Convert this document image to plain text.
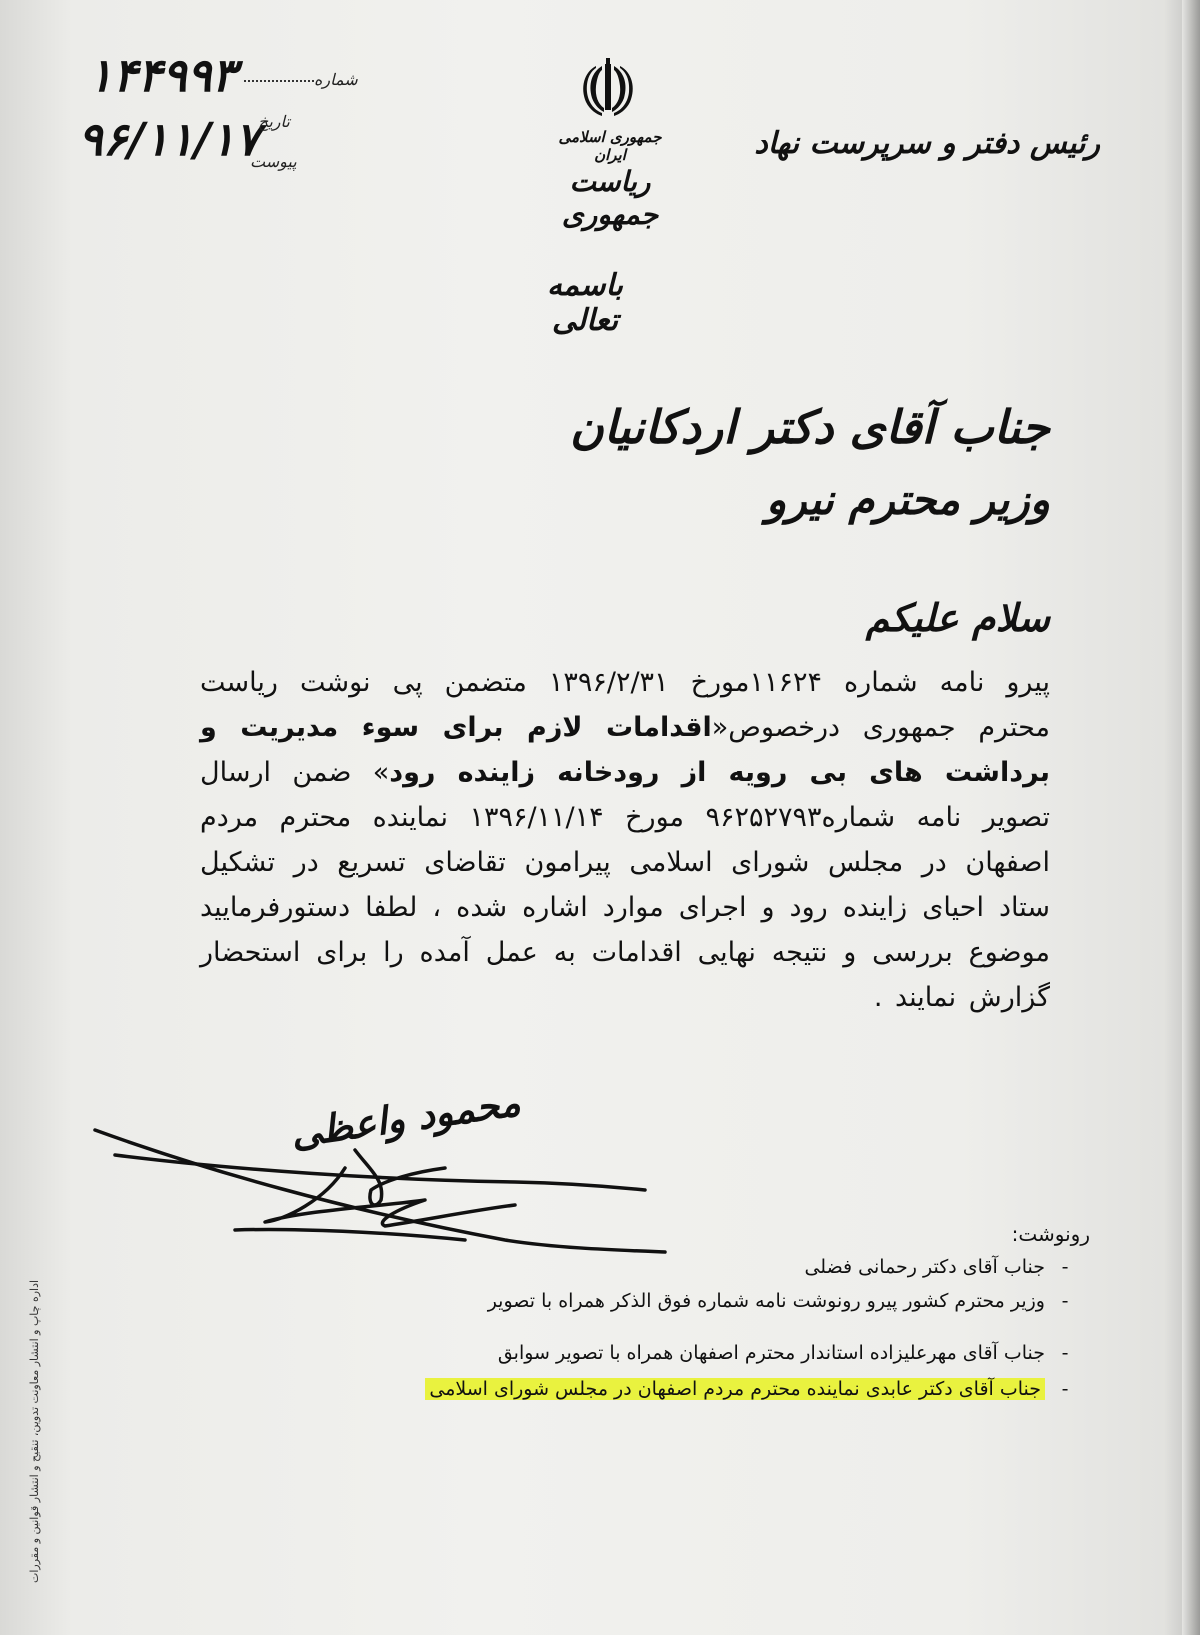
۱۴۴۹۹۳	شماره
۹۶/۱۱/۱۷
تاریخ
پیوست
جمهوری اسلامی ایران
ریاست جمهوری
رئیس دفتر و سرپرست نهاد
باسمه تعالی
جناب آقای دکتر اردکانیان
وزیر محترم نیرو
سلام علیکم
پیرو نامه شماره ۱۱۶۲۴مورخ ۱۳۹۶/۲/۳۱ متضمن پی نوشت ریاست محترم جمهوری درخصوص«اقدامات لازم برای سوء مدیریت و برداشت های بی رویه از رودخانه زاینده رود» ضمن ارسال تصویر نامه شماره۹۶۲۵۲۷۹۳ مورخ ۱۳۹۶/۱۱/۱۴ نماینده محترم مردم اصفهان در مجلس شورای اسلامی پیرامون تقاضای تسریع در تشکیل ستاد احیای زاینده رود و اجرای موارد اشاره شده ، لطفا دستورفرمایید موضوع بررسی و نتیجه نهایی اقدامات به عمل آمده را برای استحضار گزارش نمایند .
محمود واعظی
رونوشت:
-جناب آقای دکتر رحمانی فضلی
-وزیر محترم کشور پیرو رونوشت نامه شماره فوق الذکر همراه با تصویر
-جناب آقای مهرعلیزاده استاندار محترم اصفهان همراه با تصویر سوابق
-جناب آقای دکتر عابدی نماینده محترم مردم اصفهان در مجلس شورای اسلامی
اداره چاپ و انتشار معاونت تدوین، تنقیح و انتشار قوانین و مقررات
